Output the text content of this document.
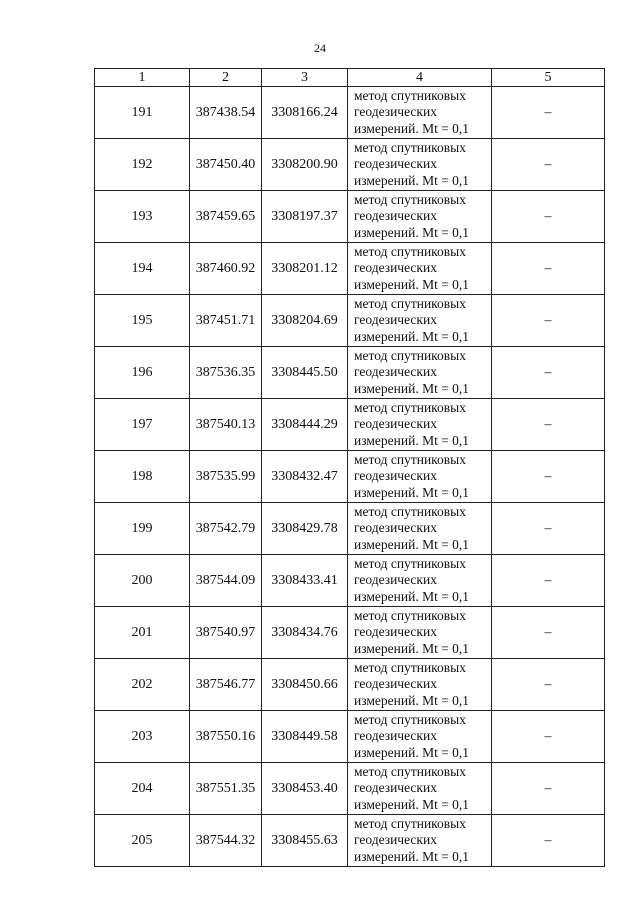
24
1	2	3	4	5
191	387438.54	3308166.24	метод спутниковых
геодезических
измерений. Mt = 0,1	–
192	387450.40	3308200.90	метод спутниковых
геодезических
измерений. Mt = 0,1	–
193	387459.65	3308197.37	метод спутниковых
геодезических
измерений. Mt = 0,1	–
194	387460.92	3308201.12	метод спутниковых
геодезических
измерений. Mt = 0,1	–
195	387451.71	3308204.69	метод спутниковых
геодезических
измерений. Mt = 0,1	–
196	387536.35	3308445.50	метод спутниковых
геодезических
измерений. Mt = 0,1	–
197	387540.13	3308444.29	метод спутниковых
геодезических
измерений. Mt = 0,1	–
198	387535.99	3308432.47	метод спутниковых
геодезических
измерений. Mt = 0,1	–
199	387542.79	3308429.78	метод спутниковых
геодезических
измерений. Mt = 0,1	–
200	387544.09	3308433.41	метод спутниковых
геодезических
измерений. Mt = 0,1	–
201	387540.97	3308434.76	метод спутниковых
геодезических
измерений. Mt = 0,1	–
202	387546.77	3308450.66	метод спутниковых
геодезических
измерений. Mt = 0,1	–
203	387550.16	3308449.58	метод спутниковых
геодезических
измерений. Mt = 0,1	–
204	387551.35	3308453.40	метод спутниковых
геодезических
измерений. Mt = 0,1	–
205	387544.32	3308455.63	метод спутниковых
геодезических
измерений. Mt = 0,1	–
